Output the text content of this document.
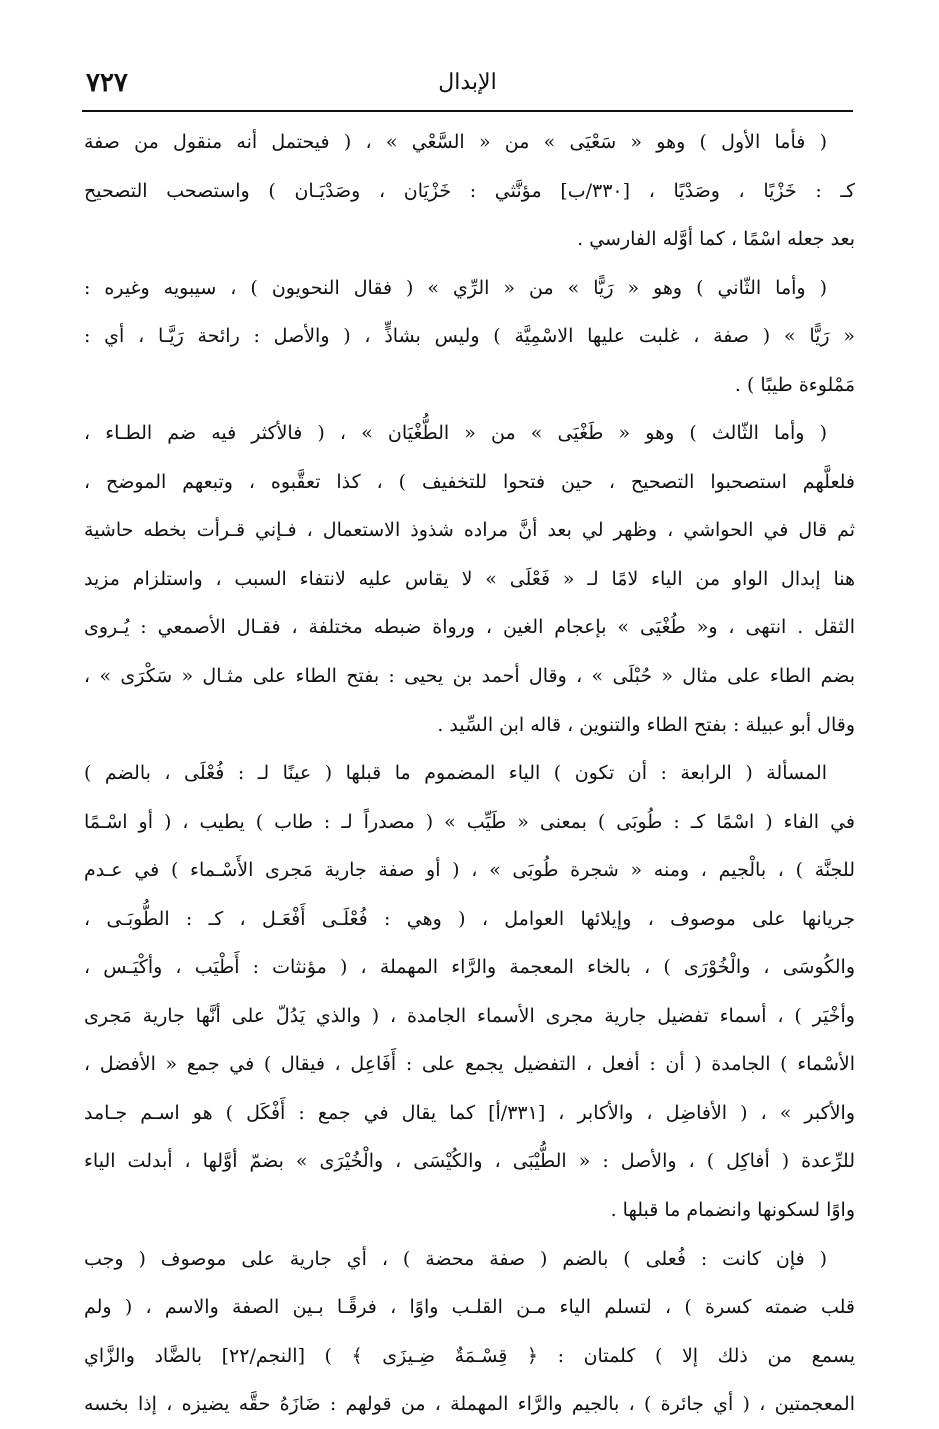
٧٢٧	الإبدال
( فأما الأول ) وهو « سَعْيَى » من « السَّعْي » ، ( فيحتمل أنه منقول من صفة
كـ : خَزْيًا ، وصَدْيًا ، [٣٣٠/ب] مؤنَّثي : خَزْيَان ، وصَدْيَـان ) واستصحب التصحيح
بعد جعله اسْمًا ، كما أوَّله الفارسي .
( وأما الثّاني ) وهو « رَيًّا » من « الرِّي » ( فقال النحويون ) ، سيبويه وغيره :
« رَيًّا » ( صفة ، غلبت عليها الاسْمِيَّة ) وليس بشاذٍّ ، ( والأصل : رائحة رَيَّـا ، أي :
مَمْلوءة طيبًا ) .
( وأما الثّالث ) وهو « طَغْيَى » من « الطُّغْيَان » ، ( فالأكثر فيه ضم الطـاء ،
فلعلَّهم استصحبوا التصحيح ، حين فتحوا للتخفيف ) ، كذا تعقَّبوه ، وتبعهم الموضح ،
ثم قال في الحواشي ، وظهر لي بعد أنَّ مراده شذوذ الاستعمال ، فـإني قـرأت بخطه حاشية
هنا إبدال الواو من الياء لامًا لـ « فَعْلَى » لا يقاس عليه لانتفاء السبب ، واستلزام مزيد
الثقل . انتهى ، و« طُغْيَى » بإعجام الغين ، ورواة ضبطه مختلفة ، فقـال الأصمعي : يُـروى
بضم الطاء على مثال « حُبْلَى » ، وقال أحمد بن يحيى : بفتح الطاء على مثـال « سَكْرَى » ،
وقال أبو عبيلة : بفتح الطاء والتنوين ، قاله ابن السِّيد .
المسألة ( الرابعة : أن تكون ) الياء المضموم ما قبلها ( عينًا لـ : فُعْلَى ، بالضم )
في الفاء ( اسْمًا كـ : طُوبَى ) بمعنى « طَيِّب » ( مصدراً لـ : طاب ) يطيب ، ( أو اسْـمًا
للجنَّة ) ، بالْجيم ، ومنه « شجرة طُوبَى » ، ( أو صفة جارية مَجرى الأَسْـماء ) في عـدم
جريانها على موصوف ، وإيلائها العوامل ، ( وهي : فُعْلَـى أَفْعَـل ، كـ : الطُّوبَـى ،
والكُوسَى ، والْخُوْرَى ) ، بالخاء المعجمة والرَّاء المهملة ، ( مؤنثات : أَطْيَب ، وأكْيَـس ،
وأخْيَر ) ، أسماء تفضيل جارية مجرى الأسماء الجامدة ، ( والذي يَدُلّ على أنَّها جارية مَجرى
الأسْماء ) الجامدة ( أن : أفعل ، التفضيل يجمع على : أَفَاعِل ، فيقال ) في جمع « الأفضل ،
والأكبر » ، ( الأفاضِل ، والأكابر ، [٣٣١/أ] كما يقال في جمع : أَفْكَل ) هو اسـم جـامد
للرِّعدة ( أفاكِل ) ، والأصل : « الطُّيْبَى ، والكُيْسَى ، والْخُيْرَى » بضمّ أوَّلها ، أبدلت الياء
واوًا لسكونها وانضمام ما قبلها .
( فإن كانت : فُعلى ) بالضم ( صفة محضة ) ، أي جارية على موصوف ( وجب
قلب ضمته كسرة ) ، لتسلم الياء مـن القلـب واوًا ، فرقًـا بـين الصفة والاسم ، ( ولم
يسمع من ذلك إلا ) كلمتان : ﴿ قِسْـمَةٌ ضِـيزَى ﴾ ) [النجم/٢٢] بالضَّاد والزَّاي
المعجمتين ، ( أي جائرة ) ، بالجيم والرَّاء المهملة ، من قولهم : ضَازَهُ حقَّه يضيزه ، إذا بخسه
